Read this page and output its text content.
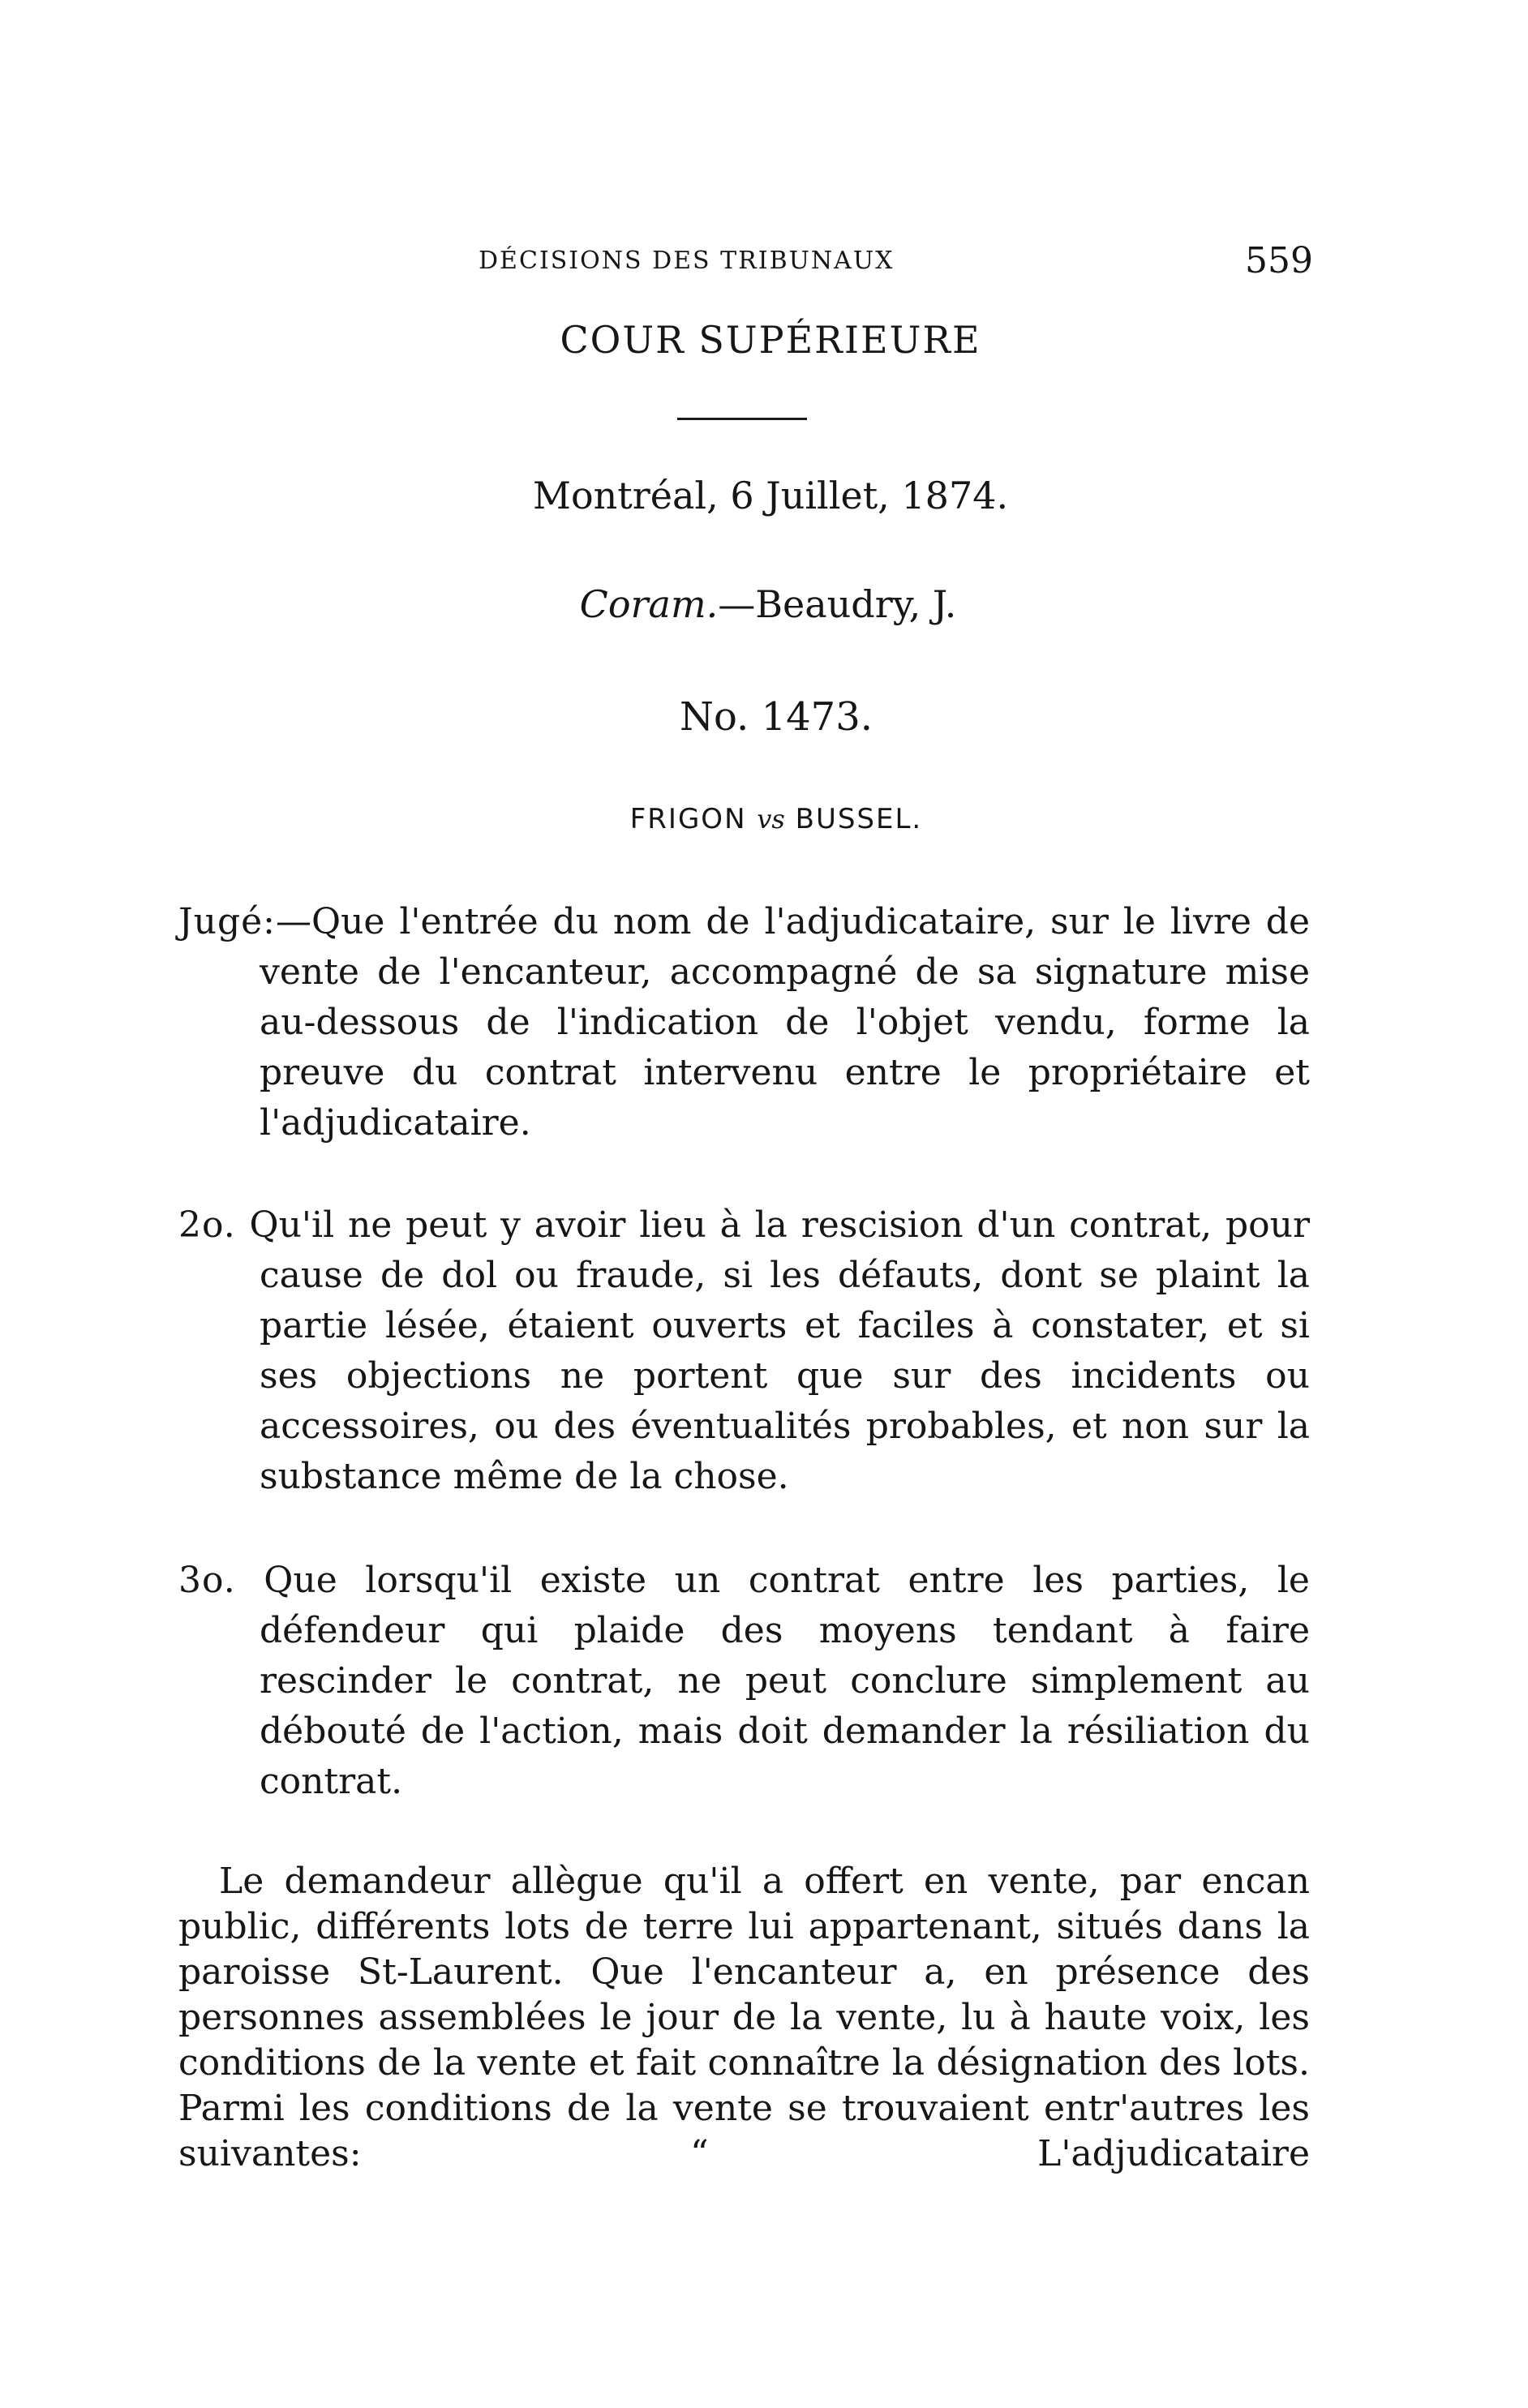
DÉCISIONS DES TRIBUNAUX	559
COUR SUPÉRIEURE
Montréal, 6 Juillet, 1874.
Coram.—Beaudry, J.
No. 1473.
FRIGON vs BUSSEL.

Jugé:—Que l'entrée du nom de l'adjudicataire, sur le livre de vente de l'encanteur, accompagné de sa signature mise au-dessous de l'indication de l'objet vendu, forme la preuve du contrat intervenu entre le propriétaire et l'adjudicataire.

2o. Qu'il ne peut y avoir lieu à la rescision d'un contrat, pour cause de dol ou fraude, si les défauts, dont se plaint la partie lésée, étaient ouverts et faciles à constater, et si ses objections ne portent que sur des incidents ou accessoires, ou des éventualités probables, et non sur la substance même de la chose.

3o. Que lorsqu'il existe un contrat entre les parties, le défendeur qui plaide des moyens tendant à faire rescinder le contrat, ne peut conclure simplement au débouté de l'action, mais doit demander la résiliation du contrat.

Le demandeur allègue qu'il a offert en vente, par encan public, différents lots de terre lui appartenant, situés dans la paroisse St-Laurent. Que l'encanteur a, en présence des personnes assemblées le jour de la vente, lu à haute voix, les conditions de la vente et fait connaître la désignation des lots. Parmi les conditions de la vente se trouvaient entr'autres les suivantes: “ L'adjudicataire
